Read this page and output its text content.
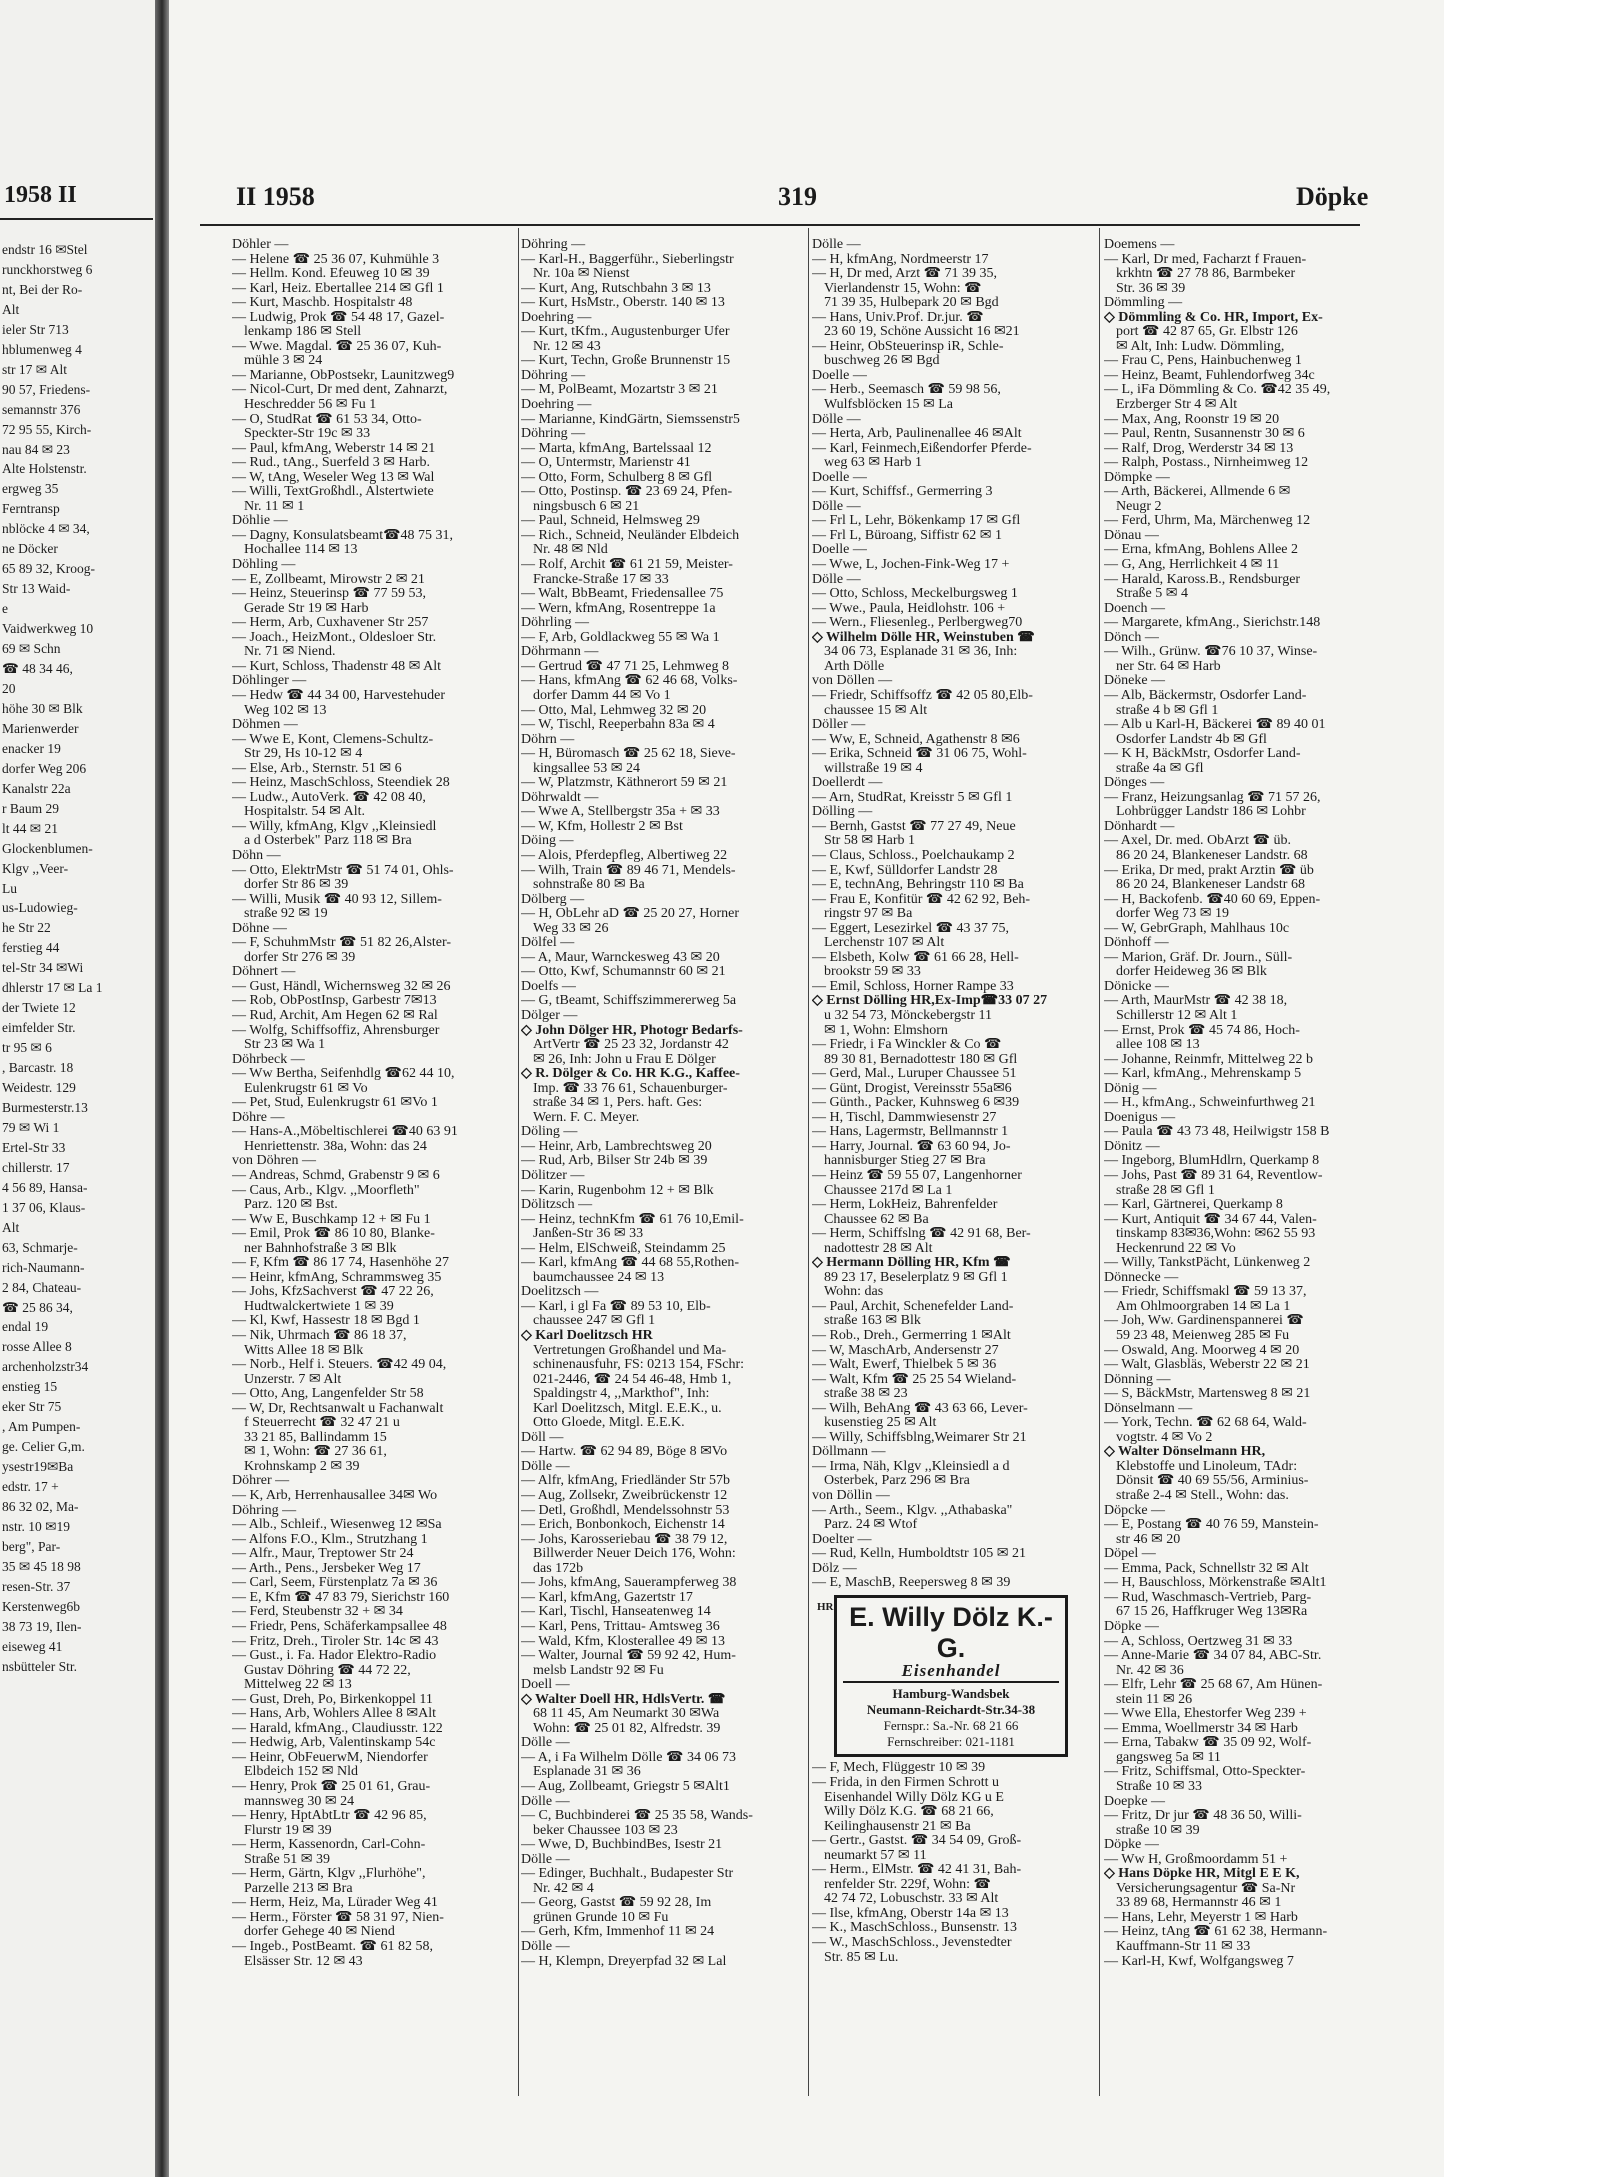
1958 II
endstr 16 ✉Stel
runckhorstweg 6
nt, Bei der Ro-
Alt
ieler Str 713
hblumenweg 4
str 17 ✉ Alt
90 57, Friedens-
semannstr 376
72 95 55, Kirch-
nau 84 ✉ 23
Alte Holstenstr.
ergweg 35
Ferntransp
nblöcke 4 ✉ 34,
ne Döcker
65 89 32, Kroog-
Str 13 Waid-
e
Vaidwerkweg 10
69 ✉ Schn
☎ 48 34 46,
20
höhe 30 ✉ Blk
Marienwerder
enacker 19
dorfer Weg 206
Kanalstr 22a
r Baum 29
lt 44 ✉ 21
Glockenblumen-
Klgv ,,Veer-
Lu
us-Ludowieg-
he Str 22
ferstieg 44
tel-Str 34 ✉Wi
dhlerstr 17 ✉ La 1
der Twiete 12
eimfelder Str.
tr 95 ✉ 6
, Barcastr. 18
Weidestr. 129
Burmesterstr.13
79 ✉ Wi 1
Ertel-Str 33
chillerstr. 17
4 56 89, Hansa-
1 37 06, Klaus-
Alt
63, Schmarje-
rich-Naumann-
2 84, Chateau-
☎ 25 86 34,
endal 19
rosse Allee 8
archenholzstr34
enstieg 15
eker Str 75
, Am Pumpen-
ge. Celier G,m.
ysestr19✉Ba
edstr. 17 +
86 32 02, Ma-
nstr. 10 ✉19
berg", Par-
35 ✉ 45 18 98
resen-Str. 37
Kerstenweg6b
38 73 19, Ilen-
eiseweg 41
nsbütteler Str.
II 1958	319	Döpke
Döhler —
— Helene ☎ 25 36 07, Kuhmühle 3
— Hellm. Kond. Efeuweg 10 ✉ 39
— Karl, Heiz. Ebertallee 214 ✉ Gfl 1
— Kurt, Maschb. Hospitalstr 48
— Ludwig, Prok ☎ 54 48 17, Gazel-
lenkamp 186 ✉ Stell
— Wwe. Magdal. ☎ 25 36 07, Kuh-
mühle 3 ✉ 24
— Marianne, ObPostsekr, Launitzweg9
— Nicol-Curt, Dr med dent, Zahnarzt,
Heschredder 56 ✉ Fu 1
— O, StudRat ☎ 61 53 34, Otto-
Speckter-Str 19c ✉ 33
— Paul, kfmAng, Weberstr 14 ✉ 21
— Rud., tAng., Suerfeld 3 ✉ Harb.
— W, tAng, Weseler Weg 13 ✉ Wal
— Willi, TextGroßhdl., Alstertwiete
Nr. 11 ✉ 1
Döhlie —
— Dagny, Konsulatsbeamt☎48 75 31,
Hochallee 114 ✉ 13
Döhling —
— E, Zollbeamt, Mirowstr 2 ✉ 21
— Heinz, Steuerinsp ☎ 77 59 53,
Gerade Str 19 ✉ Harb
— Herm, Arb, Cuxhavener Str 257
— Joach., HeizMont., Oldesloer Str.
Nr. 71 ✉ Niend.
— Kurt, Schloss, Thadenstr 48 ✉ Alt
Döhlinger —
— Hedw ☎ 44 34 00, Harvestehuder
Weg 102 ✉ 13
Döhmen —
— Wwe E, Kont, Clemens-Schultz-
Str 29, Hs 10-12 ✉ 4
— Else, Arb., Sternstr. 51 ✉ 6
— Heinz, MaschSchloss, Steendiek 28
— Ludw., AutoVerk. ☎ 42 08 40,
Hospitalstr. 54 ✉ Alt.
— Willy, kfmAng, Klgv ,,Kleinsiedl
a d Osterbek" Parz 118 ✉ Bra
Döhn —
— Otto, ElektrMstr ☎ 51 74 01, Ohls-
dorfer Str 86 ✉ 39
— Willi, Musik ☎ 40 93 12, Sillem-
straße 92 ✉ 19
Döhne —
— F, SchuhmMstr ☎ 51 82 26,Alster-
dorfer Str 276 ✉ 39
Döhnert —
— Gust, Händl, Wichernsweg 32 ✉ 26
— Rob, ObPostInsp, Garbestr 7✉13
— Rud, Archit, Am Hegen 62 ✉ Ral
— Wolfg, Schiffsoffiz, Ahrensburger
Str 23 ✉ Wa 1
Döhrbeck —
— Ww Bertha, Seifenhdlg ☎62 44 10,
Eulenkrugstr 61 ✉ Vo
— Pet, Stud, Eulenkrugstr 61 ✉Vo 1
Döhre —
— Hans-A.,Möbeltischlerei ☎40 63 91
Henriettenstr. 38a, Wohn: das 24
von Döhren —
— Andreas, Schmd, Grabenstr 9 ✉ 6
— Caus, Arb., Klgv. ,,Moorfleth"
Parz. 120 ✉ Bst.
— Ww E, Buschkamp 12 + ✉ Fu 1
— Emil, Prok ☎ 86 10 80, Blanke-
ner Bahnhofstraße 3 ✉ Blk
— F, Kfm ☎ 86 17 74, Hasenhöhe 27
— Heinr, kfmAng, Schrammsweg 35
— Johs, KfzSachverst ☎ 47 22 26,
Hudtwalckertwiete 1 ✉ 39
— Kl, Kwf, Hassestr 18 ✉ Bgd 1
— Nik, Uhrmach ☎ 86 18 37,
Witts Allee 18 ✉ Blk
— Norb., Helf i. Steuers. ☎42 49 04,
Unzerstr. 7 ✉ Alt
— Otto, Ang, Langenfelder Str 58
— W, Dr, Rechtsanwalt u Fachanwalt
f Steuerrecht ☎ 32 47 21 u
33 21 85, Ballindamm 15
✉ 1, Wohn: ☎ 27 36 61,
Krohnskamp 2 ✉ 39
Döhrer —
— K, Arb, Herrenhausallee 34✉ Wo
Döhring —
— Alb., Schleif., Wiesenweg 12 ✉Sa
— Alfons F.O., Klm., Strutzhang 1
— Alfr., Maur, Treptower Str 24
— Arth., Pens., Jersbeker Weg 17
— Carl, Seem, Fürstenplatz 7a ✉ 36
— E, Kfm ☎ 47 83 79, Sierichstr 160
— Ferd, Steubenstr 32 + ✉ 34
— Friedr, Pens, Schäferkampsallee 48
— Fritz, Dreh., Tiroler Str. 14c ✉ 43
— Gust., i. Fa. Hador Elektro-Radio
Gustav Döhring ☎ 44 72 22,
Mittelweg 22 ✉ 13
— Gust, Dreh, Po, Birkenkoppel 11
— Hans, Arb, Wohlers Allee 8 ✉Alt
— Harald, kfmAng., Claudiusstr. 122
— Hedwig, Arb, Valentinskamp 54c
— Heinr, ObFeuerwM, Niendorfer
Elbdeich 152 ✉ Nld
— Henry, Prok ☎ 25 01 61, Grau-
mannsweg 30 ✉ 24
— Henry, HptAbtLtr ☎ 42 96 85,
Flurstr 19 ✉ 39
— Herm, Kassenordn, Carl-Cohn-
Straße 51 ✉ 39
— Herm, Gärtn, Klgv ,,Flurhöhe",
Parzelle 213 ✉ Bra
— Herm, Heiz, Ma, Lürader Weg 41
— Herm., Förster ☎ 58 31 97, Nien-
dorfer Gehege 40 ✉ Niend
— Ingeb., PostBeamt. ☎ 61 82 58,
Elsässer Str. 12 ✉ 43
Döhring —
— Karl-H., Baggerführ., Sieberlingstr
Nr. 10a ✉ Nienst
— Kurt, Ang, Rutschbahn 3 ✉ 13
— Kurt, HsMstr., Oberstr. 140 ✉ 13
Doehring —
— Kurt, tKfm., Augustenburger Ufer
Nr. 12 ✉ 43
— Kurt, Techn, Große Brunnenstr 15
Döhring —
— M, PolBeamt, Mozartstr 3 ✉ 21
Doehring —
— Marianne, KindGärtn, Siemssenstr5
Döhring —
— Marta, kfmAng, Bartelssaal 12
— O, Untermstr, Marienstr 41
— Otto, Form, Schulberg 8 ✉ Gfl
— Otto, Postinsp. ☎ 23 69 24, Pfen-
ningsbusch 6 ✉ 21
— Paul, Schneid, Helmsweg 29
— Rich., Schneid, Neuländer Elbdeich
Nr. 48 ✉ Nld
— Rolf, Archit ☎ 61 21 59, Meister-
Francke-Straße 17 ✉ 33
— Walt, BbBeamt, Friedensallee 75
— Wern, kfmAng, Rosentreppe 1a
Döhrling —
— F, Arb, Goldlackweg 55 ✉ Wa 1
Döhrmann —
— Gertrud ☎ 47 71 25, Lehmweg 8
— Hans, kfmAng ☎ 62 46 68, Volks-
dorfer Damm 44 ✉ Vo 1
— Otto, Mal, Lehmweg 32 ✉ 20
— W, Tischl, Reeperbahn 83a ✉ 4
Döhrn —
— H, Büromasch ☎ 25 62 18, Sieve-
kingsallee 53 ✉ 24
— W, Platzmstr, Käthnerort 59 ✉ 21
Döhrwaldt —
— Wwe A, Stellbergstr 35a + ✉ 33
— W, Kfm, Hollestr 2 ✉ Bst
Döing —
— Alois, Pferdepfleg, Albertiweg 22
— Wilh, Train ☎ 89 46 71, Mendels-
sohnstraße 80 ✉ Ba
Dölberg —
— H, ObLehr aD ☎ 25 20 27, Horner
Weg 33 ✉ 26
Dölfel —
— A, Maur, Warnckesweg 43 ✉ 20
— Otto, Kwf, Schumannstr 60 ✉ 21
Doelfs —
— G, tBeamt, Schiffszimmererweg 5a
Dölger —
◇ John Dölger HR, Photogr Bedarfs-
ArtVertr ☎ 25 23 32, Jordanstr 42
✉ 26, Inh: John u Frau E Dölger
◇ R. Dölger & Co. HR K.G., Kaffee-
Imp. ☎ 33 76 61, Schauenburger-
straße 34 ✉ 1, Pers. haft. Ges:
Wern. F. C. Meyer.
Döling —
— Heinr, Arb, Lambrechtsweg 20
— Rud, Arb, Bilser Str 24b ✉ 39
Dölitzer —
— Karin, Rugenbohm 12 + ✉ Blk
Dölitzsch —
— Heinz, technKfm ☎ 61 76 10,Emil-
Janßen-Str 36 ✉ 33
— Helm, ElSchweiß, Steindamm 25
— Karl, kfmAng ☎ 44 68 55,Rothen-
baumchaussee 24 ✉ 13
Doelitzsch —
— Karl, i gl Fa ☎ 89 53 10, Elb-
chaussee 247 ✉ Gfl 1
◇ Karl Doelitzsch HR
Vertretungen Großhandel und Ma-
schinenausfuhr, FS: 0213 154, FSchr:
021-2446, ☎ 24 54 46-48, Hmb 1,
Spaldingstr 4, ,,Markthof", Inh:
Karl Doelitzsch, Mitgl. E.E.K., u.
Otto Gloede, Mitgl. E.E.K.
Döll —
— Hartw. ☎ 62 94 89, Böge 8 ✉Vo
Dölle —
— Alfr, kfmAng, Friedländer Str 57b
— Aug, Zollsekr, Zweibrückenstr 12
— Detl, Großhdl, Mendelssohnstr 53
— Erich, Bonbonkoch, Eichenstr 14
— Johs, Karosseriebau ☎ 38 79 12,
Billwerder Neuer Deich 176, Wohn:
das 172b
— Johs, kfmAng, Sauerampferweg 38
— Karl, kfmAng, Gazertstr 17
— Karl, Tischl, Hanseatenweg 14
— Karl, Pens, Trittau- Amtsweg 36
— Wald, Kfm, Klosterallee 49 ✉ 13
— Walter, Journal ☎ 59 92 42, Hum-
melsb Landstr 92 ✉ Fu
Doell —
◇ Walter Doell HR, HdlsVertr. ☎
68 11 45, Am Neumarkt 30 ✉Wa
Wohn: ☎ 25 01 82, Alfredstr. 39
Dölle —
— A, i Fa Wilhelm Dölle ☎ 34 06 73
Esplanade 31 ✉ 36
— Aug, Zollbeamt, Griegstr 5 ✉Alt1
Dölle —
— C, Buchbinderei ☎ 25 35 58, Wands-
beker Chaussee 103 ✉ 23
— Wwe, D, BuchbindBes, Isestr 21
Dölle —
— Edinger, Buchhalt., Budapester Str
Nr. 42 ✉ 4
— Georg, Gastst ☎ 59 92 28, Im
grünen Grunde 10 ✉ Fu
— Gerh, Kfm, Immenhof 11 ✉ 24
Dölle —
— H, Klempn, Dreyerpfad 32 ✉ Lal
Dölle —
— H, kfmAng, Nordmeerstr 17
— H, Dr med, Arzt ☎ 71 39 35,
Vierlandenstr 15, Wohn: ☎
71 39 35, Hulbepark 20 ✉ Bgd
— Hans, Univ.Prof. Dr.jur. ☎
23 60 19, Schöne Aussicht 16 ✉21
— Heinr, ObSteuerinsp iR, Schle-
buschweg 26 ✉ Bgd
Doelle —
— Herb., Seemasch ☎ 59 98 56,
Wulfsblöcken 15 ✉ La
Dölle —
— Herta, Arb, Paulinenallee 46 ✉Alt
— Karl, Feinmech,Eißendorfer Pferde-
weg 63 ✉ Harb 1
Doelle —
— Kurt, Schiffsf., Germerring 3
Dölle —
— Frl L, Lehr, Bökenkamp 17 ✉ Gfl
— Frl L, Büroang, Siffistr 62 ✉ 1
Doelle —
— Wwe, L, Jochen-Fink-Weg 17 +
Dölle —
— Otto, Schloss, Meckelburgsweg 1
— Wwe., Paula, Heidlohstr. 106 +
— Wern., Fliesenleg., Perlbergweg70
◇ Wilhelm Dölle HR, Weinstuben ☎
34 06 73, Esplanade 31 ✉ 36, Inh:
Arth Dölle
von Döllen —
— Friedr, Schiffsoffz ☎ 42 05 80,Elb-
chaussee 15 ✉ Alt
Döller —
— Ww, E, Schneid, Agathenstr 8 ✉6
— Erika, Schneid ☎ 31 06 75, Wohl-
willstraße 19 ✉ 4
Doellerdt —
— Arn, StudRat, Kreisstr 5 ✉ Gfl 1
Dölling —
— Bernh, Gastst ☎ 77 27 49, Neue
Str 58 ✉ Harb 1
— Claus, Schloss., Poelchaukamp 2
— E, Kwf, Sülldorfer Landstr 28
— E, technAng, Behringstr 110 ✉ Ba
— Frau E, Konfitür ☎ 42 62 92, Beh-
ringstr 97 ✉ Ba
— Eggert, Lesezirkel ☎ 43 37 75,
Lerchenstr 107 ✉ Alt
— Elsbeth, Kolw ☎ 61 66 28, Hell-
brookstr 59 ✉ 33
— Emil, Schloss, Horner Rampe 33
◇ Ernst Dölling HR,Ex-Imp☎33 07 27
u 32 54 73, Mönckebergstr 11
✉ 1, Wohn: Elmshorn
— Friedr, i Fa Winckler & Co ☎
89 30 81, Bernadottestr 180 ✉ Gfl
— Gerd, Mal., Luruper Chaussee 51
— Günt, Drogist, Vereinsstr 55a✉6
— Günth., Packer, Kuhnsweg 6 ✉39
— H, Tischl, Dammwiesenstr 27
— Hans, Lagermstr, Bellmannstr 1
— Harry, Journal. ☎ 63 60 94, Jo-
hannisburger Stieg 27 ✉ Bra
— Heinz ☎ 59 55 07, Langenhorner
Chaussee 217d ✉ La 1
— Herm, LokHeiz, Bahrenfelder
Chaussee 62 ✉ Ba
— Herm, Schiffslng ☎ 42 91 68, Ber-
nadottestr 28 ✉ Alt
◇ Hermann Dölling HR, Kfm ☎
89 23 17, Beselerplatz 9 ✉ Gfl 1
Wohn: das
— Paul, Archit, Schenefelder Land-
straße 163 ✉ Blk
— Rob., Dreh., Germerring 1 ✉Alt
— W, MaschArb, Andersenstr 27
— Walt, Ewerf, Thielbek 5 ✉ 36
— Walt, Kfm ☎ 25 25 54 Wieland-
straße 38 ✉ 23
— Wilh, BehAng ☎ 43 63 66, Lever-
kusenstieg 25 ✉ Alt
— Willy, Schiffsblng,Weimarer Str 21
Döllmann —
— Irma, Näh, Klgv ,,Kleinsiedl a d
Osterbek, Parz 296 ✉ Bra
von Döllin —
— Arth., Seem., Klgv. ,,Athabaska"
Parz. 24 ✉ Wtof
Doelter —
— Rud, Kelln, Humboldtstr 105 ✉ 21
Dölz —
— E, MaschB, Reepersweg 8 ✉ 39
HR E. Willy Dölz K.-G.
Eisenhandel
Hamburg-Wandsbek
Neumann-Reichardt-Str.34-38
Fernspr.: Sa.-Nr. 68 21 66
Fernschreiber: 021-1181
— F, Mech, Flüggestr 10 ✉ 39
— Frida, in den Firmen Schrott u
Eisenhandel Willy Dölz KG u E
Willy Dölz K.G. ☎ 68 21 66,
Keilinghausenstr 21 ✉ Ba
— Gertr., Gastst. ☎ 34 54 09, Groß-
neumarkt 57 ✉ 11
— Herm., ElMstr. ☎ 42 41 31, Bah-
renfelder Str. 229f, Wohn: ☎
42 74 72, Lobuschstr. 33 ✉ Alt
— Ilse, kfmAng, Oberstr 14a ✉ 13
— K., MaschSchloss., Bunsenstr. 13
— W., MaschSchloss., Jevenstedter
Str. 85 ✉ Lu.
Doemens —
— Karl, Dr med, Facharzt f Frauen-
krkhtn ☎ 27 78 86, Barmbeker
Str. 36 ✉ 39
Dömmling —
◇ Dömmling & Co. HR, Import, Ex-
port ☎ 42 87 65, Gr. Elbstr 126
✉ Alt, Inh: Ludw. Dömmling,
— Frau C, Pens, Hainbuchenweg 1
— Heinz, Beamt, Fuhlendorfweg 34c
— L, iFa Dömmling & Co. ☎42 35 49,
Erzberger Str 4 ✉ Alt
— Max, Ang, Roonstr 19 ✉ 20
— Paul, Rentn, Susannenstr 30 ✉ 6
— Ralf, Drog, Werderstr 34 ✉ 13
— Ralph, Postass., Nirnheimweg 12
Dömpke —
— Arth, Bäckerei, Allmende 6 ✉
Neugr 2
— Ferd, Uhrm, Ma, Märchenweg 12
Dönau —
— Erna, kfmAng, Bohlens Allee 2
— G, Ang, Herrlichkeit 4 ✉ 11
— Harald, Kaross.B., Rendsburger
Straße 5 ✉ 4
Doench —
— Margarete, kfmAng., Sierichstr.148
Dönch —
— Wilh., Grünw. ☎76 10 37, Winse-
ner Str. 64 ✉ Harb
Döneke —
— Alb, Bäckermstr, Osdorfer Land-
straße 4 b ✉ Gfl 1
— Alb u Karl-H, Bäckerei ☎ 89 40 01
Osdorfer Landstr 4b ✉ Gfl
— K H, BäckMstr, Osdorfer Land-
straße 4a ✉ Gfl
Dönges —
— Franz, Heizungsanlag ☎ 71 57 26,
Lohbrügger Landstr 186 ✉ Lohbr
Dönhardt —
— Axel, Dr. med. ObArzt ☎ üb.
86 20 24, Blankeneser Landstr. 68
— Erika, Dr med, prakt Arztin ☎ üb
86 20 24, Blankeneser Landstr 68
— H, Backofenb. ☎40 60 69, Eppen-
dorfer Weg 73 ✉ 19
— W, GebrGraph, Mahlhaus 10c
Dönhoff —
— Marion, Gräf. Dr. Journ., Süll-
dorfer Heideweg 36 ✉ Blk
Dönicke —
— Arth, MaurMstr ☎ 42 38 18,
Schillerstr 12 ✉ Alt 1
— Ernst, Prok ☎ 45 74 86, Hoch-
allee 108 ✉ 13
— Johanne, Reinmfr, Mittelweg 22 b
— Karl, kfmAng., Mehrenskamp 5
Dönig —
— H., kfmAng., Schweinfurthweg 21
Doenigus —
— Paula ☎ 43 73 48, Heilwigstr 158 B
Dönitz —
— Ingeborg, BlumHdlrn, Querkamp 8
— Johs, Past ☎ 89 31 64, Reventlow-
straße 28 ✉ Gfl 1
— Karl, Gärtnerei, Querkamp 8
— Kurt, Antiquit ☎ 34 67 44, Valen-
tinskamp 83✉36,Wohn: ✉62 55 93
Heckenrund 22 ✉ Vo
— Willy, TankstPächt, Lünkenweg 2
Dönnecke —
— Friedr, Schiffsmakl ☎ 59 13 37,
Am Ohlmoorgraben 14 ✉ La 1
— Joh, Ww. Gardinenspannerei ☎
59 23 48, Meienweg 285 ✉ Fu
— Oswald, Ang. Moorweg 4 ✉ 20
— Walt, Glasbläs, Weberstr 22 ✉ 21
Dönning —
— S, BäckMstr, Martensweg 8 ✉ 21
Dönselmann —
— York, Techn. ☎ 62 68 64, Wald-
vogtstr. 4 ✉ Vo 2
◇ Walter Dönselmann HR,
Klebstoffe und Linoleum, TAdr:
Dönsit ☎ 40 69 55/56, Arminius-
straße 2-4 ✉ Stell., Wohn: das.
Döpcke —
— E, Postang ☎ 40 76 59, Manstein-
str 46 ✉ 20
Döpel —
— Emma, Pack, Schnellstr 32 ✉ Alt
— H, Bauschloss, Mörkenstraße ✉Alt1
— Rud, Waschmasch-Vertrieb, Parg-
67 15 26, Haffkruger Weg 13✉Ra
Döpke —
— A, Schloss, Oertzweg 31 ✉ 33
— Anne-Marie ☎ 34 07 84, ABC-Str.
Nr. 42 ✉ 36
— Elfr, Lehr ☎ 25 68 67, Am Hünen-
stein 11 ✉ 26
— Wwe Ella, Ehestorfer Weg 239 +
— Emma, Woellmerstr 34 ✉ Harb
— Erna, Tabakw ☎ 35 09 92, Wolf-
gangsweg 5a ✉ 11
— Fritz, Schiffsmal, Otto-Speckter-
Straße 10 ✉ 33
Doepke —
— Fritz, Dr jur ☎ 48 36 50, Willi-
straße 10 ✉ 39
Döpke —
— Ww H, Großmoordamm 51 +
◇ Hans Döpke HR, Mitgl E E K,
Versicherungsagentur ☎ Sa-Nr
33 89 68, Hermannstr 46 ✉ 1
— Hans, Lehr, Meyerstr 1 ✉ Harb
— Heinz, tAng ☎ 61 62 38, Hermann-
Kauffmann-Str 11 ✉ 33
— Karl-H, Kwf, Wolfgangsweg 7
